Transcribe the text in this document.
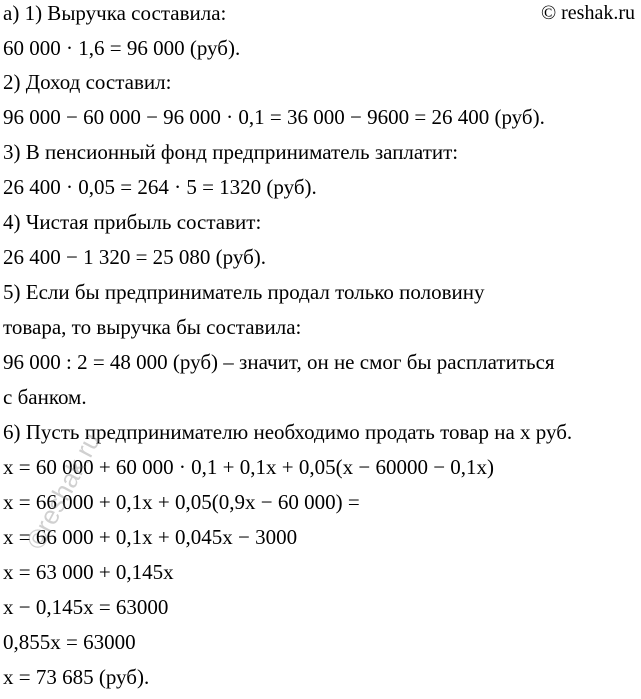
© reshak.ru
а) 1) Выручка составила:
60 000 · 1,6 = 96 000 (руб).
2) Доход составил:
96 000 − 60 000 − 96 000 · 0,1 = 36 000 − 9600 = 26 400 (руб).
3) В пенсионный фонд предприниматель заплатит:
26 400 · 0,05 = 264 · 5 = 1320 (руб).
4) Чистая прибыль составит:
26 400 − 1 320 = 25 080 (руб).
5) Если бы предприниматель продал только половину
товара, то выручка бы составила:
96 000 : 2 = 48 000 (руб) – значит, он не смог бы расплатиться
с банком.
6) Пусть предпринимателю необходимо продать товар на x руб.
x = 60 000 + 60 000 · 0,1 + 0,1x + 0,05(x − 60000 − 0,1x)
x = 66 000 + 0,1x + 0,05(0,9x − 60 000) =
x = 66 000 + 0,1x + 0,045x − 3000
x = 63 000 + 0,145x
x − 0,145x = 63000
0,855x = 63000
x = 73 685 (руб).
©reshak.ru
